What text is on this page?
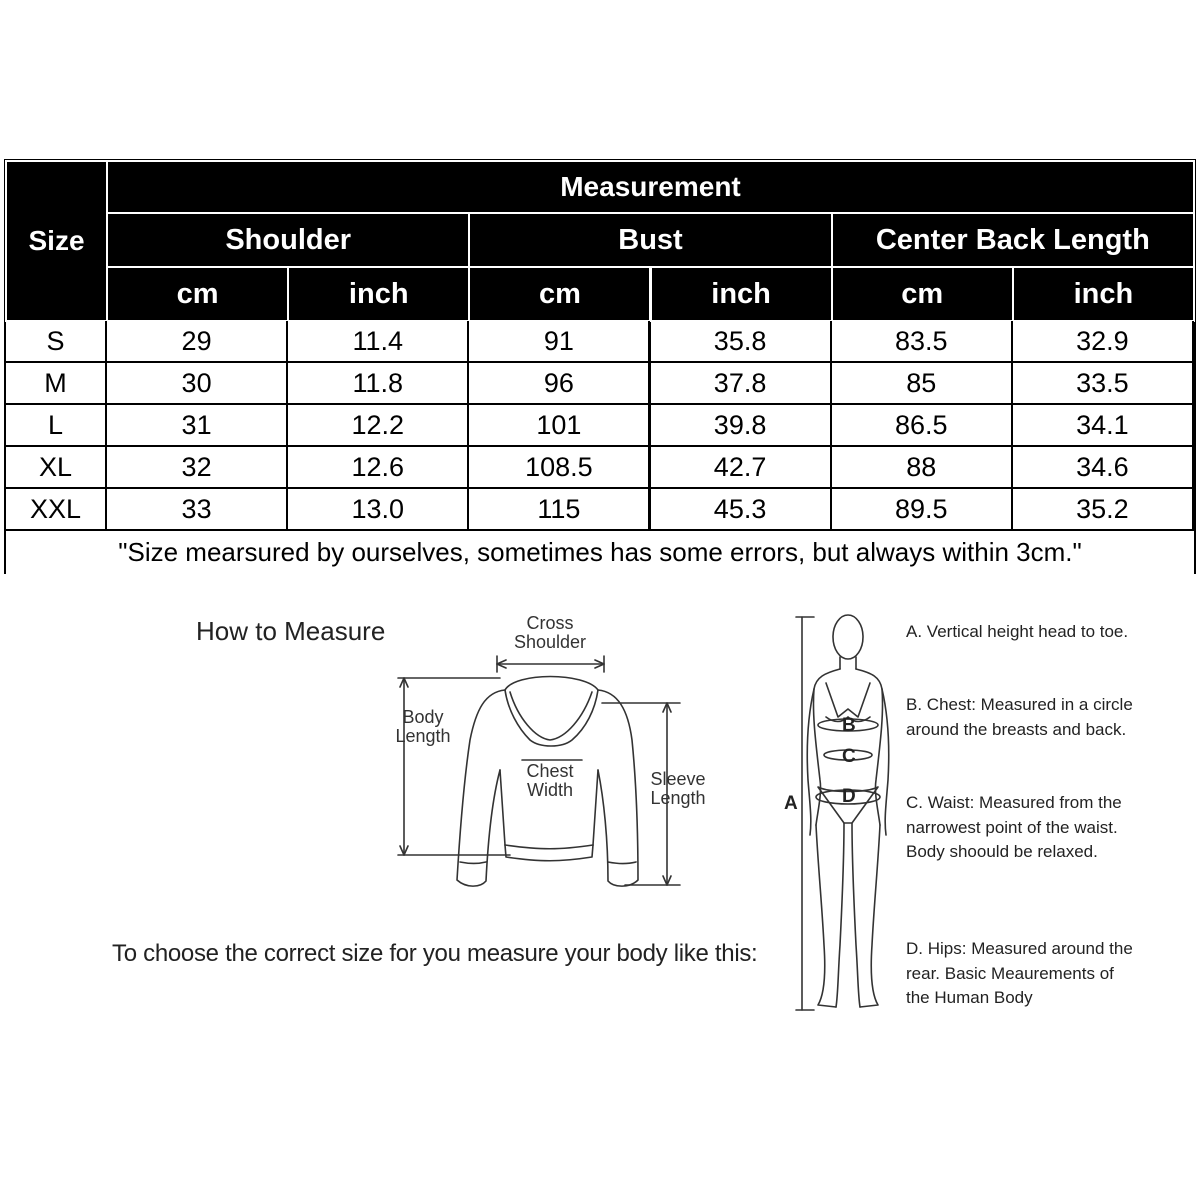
Size
Measurement
Shoulder	Bust	Center Back Length
cm	inch	cm	inch	cm	inch
S	29	11.4	91	35.8	83.5	32.9
M	30	11.8	96	37.8	85	33.5
L	31	12.2	101	39.8	86.5	34.1
XL	32	12.6	108.5	42.7	88	34.6
XXL	33	13.0	115	45.3	89.5	35.2
"Size mearsured by ourselves, sometimes has some errors, but always within 3cm."
How to Measure
To choose the correct size for you measure your body like this:
Cross
Shoulder
Body
Length
Chest
Width
Sleeve
Length	A
B
C
D
A. Vertical height head to toe.
B. Chest: Measured in a circle around the breasts and back.
C. Waist: Measured from the narrowest point of the waist. Body shoould be relaxed.
D. Hips: Measured around the rear. Basic Meaurements of the Human Body
